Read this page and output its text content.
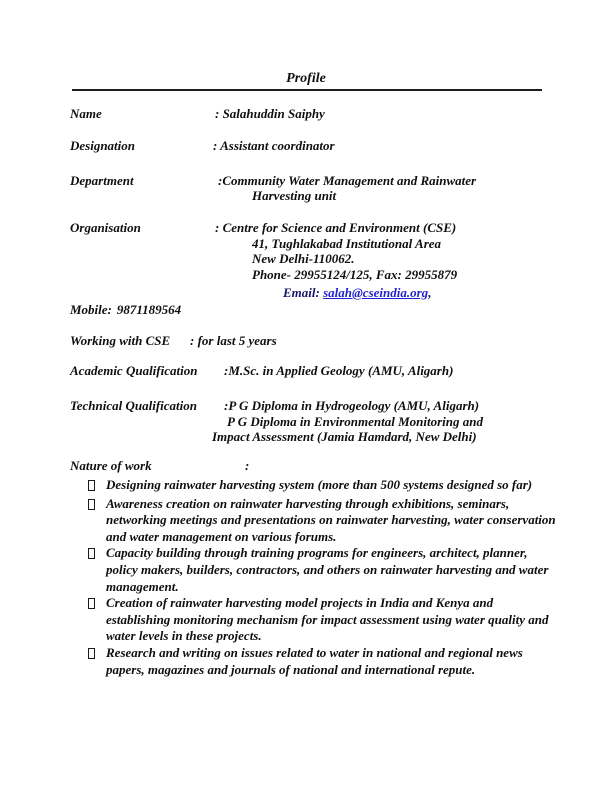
Profile
Name	: Salahuddin Saiphy
Designation	: Assistant coordinator
Department	:Community Water Management and Rainwater
Harvesting unit
Organisation	: Centre for Science and Environment (CSE)
41, Tughlakabad Institutional Area
New Delhi-110062.
Phone- 29955124/125, Fax: 29955879
Email: salah@cseindia.org,
Mobile: 9871189564
Working with CSE : for last 5 years
Academic Qualification :M.Sc. in Applied Geology (AMU, Aligarh)
Technical Qualification :P G Diploma in Hydrogeology (AMU, Aligarh)
P G Diploma in Environmental Monitoring and
Impact Assessment (Jamia Hamdard, New Delhi)
Nature of work	:
Designing rainwater harvesting system (more than 500 systems designed so far)
Awareness creation on rainwater harvesting through exhibitions, seminars, networking meetings and presentations on rainwater harvesting, water conservation and water management on various forums.
Capacity building through training programs for engineers, architect, planner, policy makers, builders, contractors, and others on rainwater harvesting and water management.
Creation of rainwater harvesting model projects in India and Kenya and establishing monitoring mechanism for impact assessment using water quality and water levels in these projects.
Research and writing on issues related to water in national and regional news papers, magazines and journals of national and international repute.
